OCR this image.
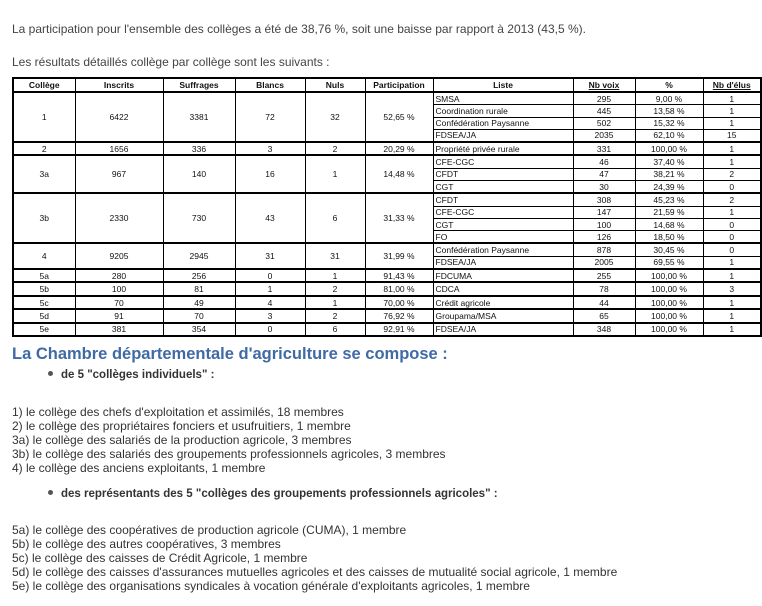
La participation pour l'ensemble des collèges a été de 38,76 %, soit une baisse par rapport à 2013 (43,5 %).

Les résultats détaillés collège par collège sont les suivants :

Collège	Inscrits	Suffrages	Blancs	Nuls	Participation	Liste	Nb voix	%	Nb d'élus
1	6422	3381	72	32	52,65 %	SMSA	295	9,00 %	1
						Coordination rurale	445	13,58 %	1
						Confédération Paysanne	502	15,32 %	1
						FDSEA/JA	2035	62,10 %	15
2	1656	336	3	2	20,29 %	Propriété privée rurale	331	100,00 %	1
3a	967	140	16	1	14,48 %	CFE-CGC	46	37,40 %	1
						CFDT	47	38,21 %	2
						CGT	30	24,39 %	0
3b	2330	730	43	6	31,33 %	CFDT	308	45,23 %	2
						CFE-CGC	147	21,59 %	1
						CGT	100	14,68 %	0
						FO	126	18,50 %	0
4	9205	2945	31	31	31,99 %	Confédération Paysanne	878	30,45 %	0
						FDSEA/JA	2005	69,55 %	1
5a	280	256	0	1	91,43 %	FDCUMA	255	100,00 %	1
5b	100	81	1	2	81,00 %	CDCA	78	100,00 %	3
5c	70	49	4	1	70,00 %	Crédit agricole	44	100,00 %	1
5d	91	70	3	2	76,92 %	Groupama/MSA	65	100,00 %	1
5e	381	354	0	6	92,91 %	FDSEA/JA	348	100,00 %	1
La Chambre départementale d'agriculture se compose :
de 5 "collèges individuels" :
1) le collège des chefs d'exploitation et assimilés, 18 membres
2) le collège des propriétaires fonciers et usufruitiers, 1 membre
3a) le collège des salariés de la production agricole, 3 membres
3b) le collège des salariés des groupements professionnels agricoles, 3 membres
4) le collège des anciens exploitants, 1 membre
des représentants des 5 "collèges des groupements professionnels agricoles" :
5a) le collège des coopératives de production agricole (CUMA), 1 membre
5b) le collège des autres coopératives, 3 membres
5c) le collège des caisses de Crédit Agricole, 1 membre
5d) le collège des caisses d'assurances mutuelles agricoles et des caisses de mutualité social agricole, 1 membre
5e) le collège des organisations syndicales à vocation générale d'exploitants agricoles, 1 membre
